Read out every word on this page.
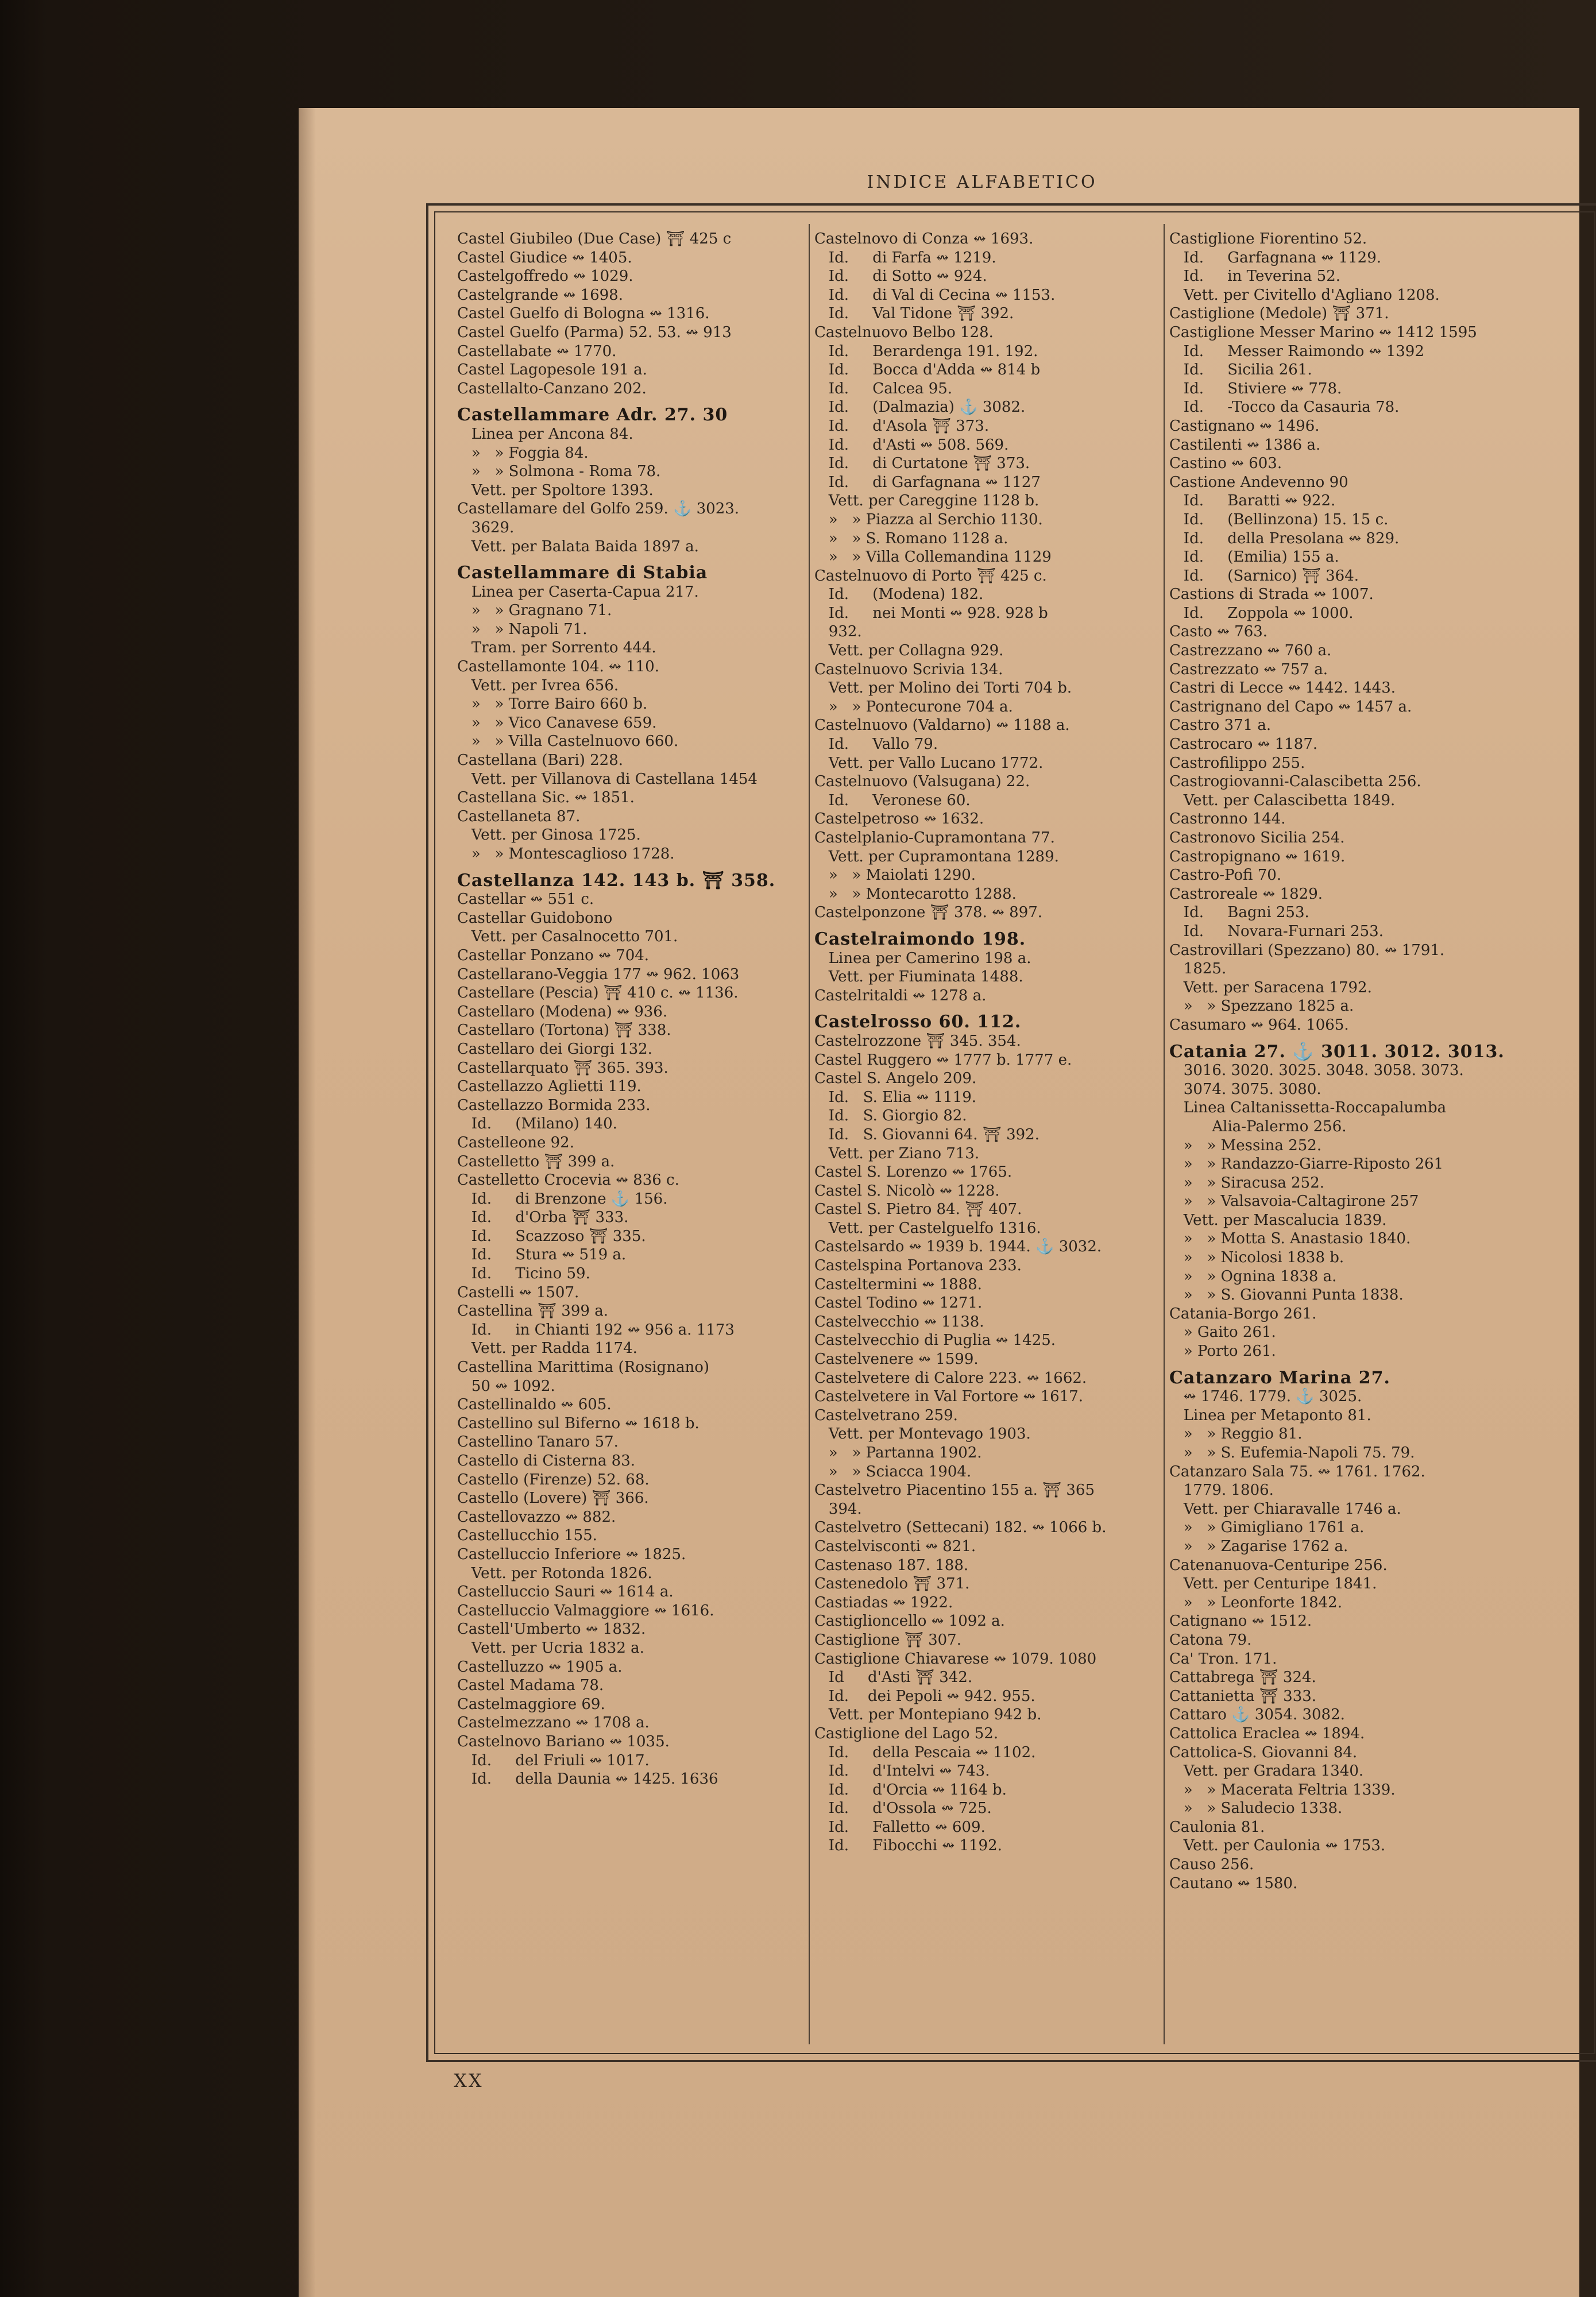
INDICE ALFABETICO
Castel Giubileo (Due Case) ⛩ 425 c
Castel Giudice ↭ 1405.
Castelgoffredo ↭ 1029.
Castelgrande ↭ 1698.
Castel Guelfo di Bologna ↭ 1316.
Castel Guelfo (Parma) 52. 53. ↭ 913
Castellabate ↭ 1770.
Castel Lagopesole 191 a.
Castellalto-Canzano 202.
Castellammare Adr. 27. 30
Linea per Ancona 84.
»   » Foggia 84.
»   » Solmona - Roma 78.
Vett. per Spoltore 1393.
Castellamare del Golfo 259. ⚓ 3023.
3629.
Vett. per Balata Baida 1897 a.
Castellammare di Stabia
Linea per Caserta-Capua 217.
»   » Gragnano 71.
»   » Napoli 71.
Tram. per Sorrento 444.
Castellamonte 104. ↭ 110.
Vett. per Ivrea 656.
»   » Torre Bairo 660 b.
»   » Vico Canavese 659.
»   » Villa Castelnuovo 660.
Castellana (Bari) 228.
Vett. per Villanova di Castellana 1454
Castellana Sic. ↭ 1851.
Castellaneta 87.
Vett. per Ginosa 1725.
»   » Montescaglioso 1728.
Castellanza 142. 143 b. ⛩ 358.
Castellar ↭ 551 c.
Castellar Guidobono
Vett. per Casalnocetto 701.
Castellar Ponzano ↭ 704.
Castellarano-Veggia 177 ↭ 962. 1063
Castellare (Pescia) ⛩ 410 c. ↭ 1136.
Castellaro (Modena) ↭ 936.
Castellaro (Tortona) ⛩ 338.
Castellaro dei Giorgi 132.
Castellarquato ⛩ 365. 393.
Castellazzo Aglietti 119.
Castellazzo Bormida 233.
Id.     (Milano) 140.
Castelleone 92.
Castelletto ⛩ 399 a.
Castelletto Crocevia ↭ 836 c.
Id.     di Brenzone ⚓ 156.
Id.     d'Orba ⛩ 333.
Id.     Scazzoso ⛩ 335.
Id.     Stura ↭ 519 a.
Id.     Ticino 59.
Castelli ↭ 1507.
Castellina ⛩ 399 a.
Id.     in Chianti 192 ↭ 956 a. 1173
Vett. per Radda 1174.
Castellina Marittima (Rosignano)
50 ↭ 1092.
Castellinaldo ↭ 605.
Castellino sul Biferno ↭ 1618 b.
Castellino Tanaro 57.
Castello di Cisterna 83.
Castello (Firenze) 52. 68.
Castello (Lovere) ⛩ 366.
Castellovazzo ↭ 882.
Castellucchio 155.
Castelluccio Inferiore ↭ 1825.
Vett. per Rotonda 1826.
Castelluccio Sauri ↭ 1614 a.
Castelluccio Valmaggiore ↭ 1616.
Castell'Umberto ↭ 1832.
Vett. per Ucria 1832 a.
Castelluzzo ↭ 1905 a.
Castel Madama 78.
Castelmaggiore 69.
Castelmezzano ↭ 1708 a.
Castelnovo Bariano ↭ 1035.
Id.     del Friuli ↭ 1017.
Id.     della Daunia ↭ 1425. 1636
Castelnovo di Conza ↭ 1693.
Id.     di Farfa ↭ 1219.
Id.     di Sotto ↭ 924.
Id.     di Val di Cecina ↭ 1153.
Id.     Val Tidone ⛩ 392.
Castelnuovo Belbo 128.
Id.     Berardenga 191. 192.
Id.     Bocca d'Adda ↭ 814 b
Id.     Calcea 95.
Id.     (Dalmazia) ⚓ 3082.
Id.     d'Asola ⛩ 373.
Id.     d'Asti ↭ 508. 569.
Id.     di Curtatone ⛩ 373.
Id.     di Garfagnana ↭ 1127
Vett. per Careggine 1128 b.
»   » Piazza al Serchio 1130.
»   » S. Romano 1128 a.
»   » Villa Collemandina 1129
Castelnuovo di Porto ⛩ 425 c.
Id.     (Modena) 182.
Id.     nei Monti ↭ 928. 928 b
932.
Vett. per Collagna 929.
Castelnuovo Scrivia 134.
Vett. per Molino dei Torti 704 b.
»   » Pontecurone 704 a.
Castelnuovo (Valdarno) ↭ 1188 a.
Id.     Vallo 79.
Vett. per Vallo Lucano 1772.
Castelnuovo (Valsugana) 22.
Id.     Veronese 60.
Castelpetroso ↭ 1632.
Castelplanio-Cupramontana 77.
Vett. per Cupramontana 1289.
»   » Maiolati 1290.
»   » Montecarotto 1288.
Castelponzone ⛩ 378. ↭ 897.
Castelraimondo 198.
Linea per Camerino 198 a.
Vett. per Fiuminata 1488.
Castelritaldi ↭ 1278 a.
Castelrosso 60. 112.
Castelrozzone ⛩ 345. 354.
Castel Ruggero ↭ 1777 b. 1777 e.
Castel S. Angelo 209.
Id.   S. Elia ↭ 1119.
Id.   S. Giorgio 82.
Id.   S. Giovanni 64. ⛩ 392.
Vett. per Ziano 713.
Castel S. Lorenzo ↭ 1765.
Castel S. Nicolò ↭ 1228.
Castel S. Pietro 84. ⛩ 407.
Vett. per Castelguelfo 1316.
Castelsardo ↭ 1939 b. 1944. ⚓ 3032.
Castelspina Portanova 233.
Casteltermini ↭ 1888.
Castel Todino ↭ 1271.
Castelvecchio ↭ 1138.
Castelvecchio di Puglia ↭ 1425.
Castelvenere ↭ 1599.
Castelvetere di Calore 223. ↭ 1662.
Castelvetere in Val Fortore ↭ 1617.
Castelvetrano 259.
Vett. per Montevago 1903.
»   » Partanna 1902.
»   » Sciacca 1904.
Castelvetro Piacentino 155 a. ⛩ 365
394.
Castelvetro (Settecani) 182. ↭ 1066 b.
Castelvisconti ↭ 821.
Castenaso 187. 188.
Castenedolo ⛩ 371.
Castiadas ↭ 1922.
Castiglioncello ↭ 1092 a.
Castiglione ⛩ 307.
Castiglione Chiavarese ↭ 1079. 1080
Id     d'Asti ⛩ 342.
Id.    dei Pepoli ↭ 942. 955.
Vett. per Montepiano 942 b.
Castiglione del Lago 52.
Id.     della Pescaia ↭ 1102.
Id.     d'Intelvi ↭ 743.
Id.     d'Orcia ↭ 1164 b.
Id.     d'Ossola ↭ 725.
Id.     Falletto ↭ 609.
Id.     Fibocchi ↭ 1192.
Castiglione Fiorentino 52.
Id.     Garfagnana ↭ 1129.
Id.     in Teverina 52.
Vett. per Civitello d'Agliano 1208.
Castiglione (Medole) ⛩ 371.
Castiglione Messer Marino ↭ 1412 1595
Id.     Messer Raimondo ↭ 1392
Id.     Sicilia 261.
Id.     Stiviere ↭ 778.
Id.     -Tocco da Casauria 78.
Castignano ↭ 1496.
Castilenti ↭ 1386 a.
Castino ↭ 603.
Castione Andevenno 90
Id.     Baratti ↭ 922.
Id.     (Bellinzona) 15. 15 c.
Id.     della Presolana ↭ 829.
Id.     (Emilia) 155 a.
Id.     (Sarnico) ⛩ 364.
Castions di Strada ↭ 1007.
Id.     Zoppola ↭ 1000.
Casto ↭ 763.
Castrezzano ↭ 760 a.
Castrezzato ↭ 757 a.
Castri di Lecce ↭ 1442. 1443.
Castrignano del Capo ↭ 1457 a.
Castro 371 a.
Castrocaro ↭ 1187.
Castrofilippo 255.
Castrogiovanni-Calascibetta 256.
Vett. per Calascibetta 1849.
Castronno 144.
Castronovo Sicilia 254.
Castropignano ↭ 1619.
Castro-Pofi 70.
Castroreale ↭ 1829.
Id.     Bagni 253.
Id.     Novara-Furnari 253.
Castrovillari (Spezzano) 80. ↭ 1791.
1825.
Vett. per Saracena 1792.
»   » Spezzano 1825 a.
Casumaro ↭ 964. 1065.
Catania 27. ⚓ 3011. 3012. 3013.
3016. 3020. 3025. 3048. 3058. 3073.
3074. 3075. 3080.
Linea Caltanissetta-Roccapalumba
Alia-Palermo 256.
»   » Messina 252.
»   » Randazzo-Giarre-Riposto 261
»   » Siracusa 252.
»   » Valsavoia-Caltagirone 257
Vett. per Mascalucia 1839.
»   » Motta S. Anastasio 1840.
»   » Nicolosi 1838 b.
»   » Ognina 1838 a.
»   » S. Giovanni Punta 1838.
Catania-Borgo 261.
» Gaito 261.
» Porto 261.
Catanzaro Marina 27.
↭ 1746. 1779. ⚓ 3025.
Linea per Metaponto 81.
»   » Reggio 81.
»   » S. Eufemia-Napoli 75. 79.
Catanzaro Sala 75. ↭ 1761. 1762.
1779. 1806.
Vett. per Chiaravalle 1746 a.
»   » Gimigliano 1761 a.
»   » Zagarise 1762 a.
Catenanuova-Centuripe 256.
Vett. per Centuripe 1841.
»   » Leonforte 1842.
Catignano ↭ 1512.
Catona 79.
Ca' Tron. 171.
Cattabrega ⛩ 324.
Cattanietta ⛩ 333.
Cattaro ⚓ 3054. 3082.
Cattolica Eraclea ↭ 1894.
Cattolica-S. Giovanni 84.
Vett. per Gradara 1340.
»   » Macerata Feltria 1339.
»   » Saludecio 1338.
Caulonia 81.
Vett. per Caulonia ↭ 1753.
Causo 256.
Cautano ↭ 1580.
XX
